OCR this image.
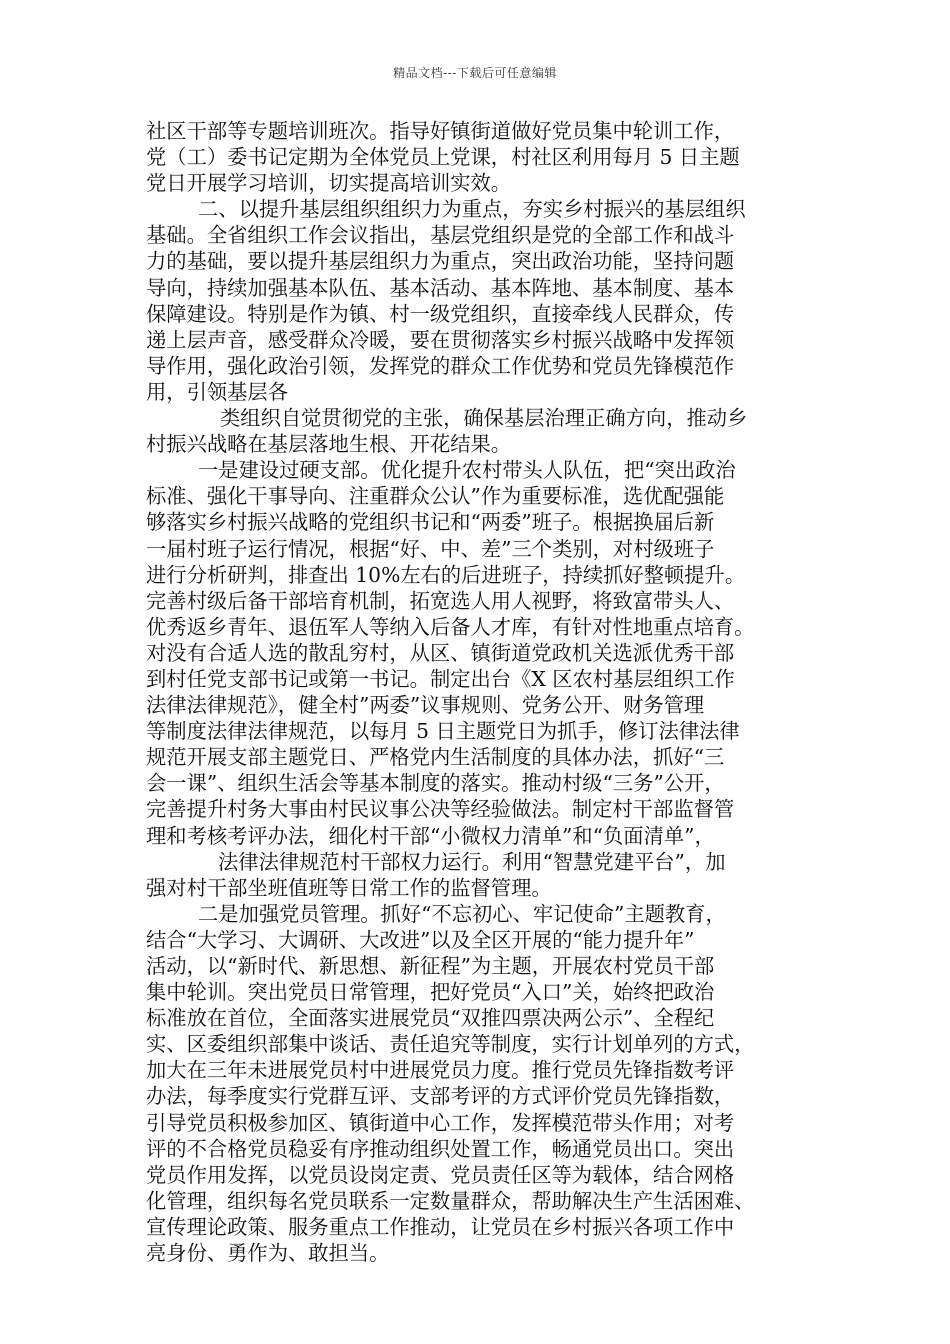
精品文档---下载后可任意编辑
社区干部等专题培训班次。指导好镇街道做好党员集中轮训工作，
党（工）委书记定期为全体党员上党课，村社区利用每月 5 日主题
党日开展学习培训，切实提高培训实效。
二、以提升基层组织组织力为重点，夯实乡村振兴的基层组织
基础。全省组织工作会议指出，基层党组织是党的全部工作和战斗
力的基础，要以提升基层组织力为重点，突出政治功能，坚持问题
导向，持续加强基本队伍、基本活动、基本阵地、基本制度、基本
保障建设。特别是作为镇、村一级党组织，直接牵线人民群众，传
递上层声音，感受群众冷暖，要在贯彻落实乡村振兴战略中发挥领
导作用，强化政治引领，发挥党的群众工作优势和党员先锋模范作
用，引领基层各
类组织自觉贯彻党的主张，确保基层治理正确方向，推动乡
村振兴战略在基层落地生根、开花结果。
一是建设过硬支部。优化提升农村带头人队伍，把“突出政治
标准、强化干事导向、注重群众公认”作为重要标准，选优配强能
够落实乡村振兴战略的党组织书记和“两委”班子。根据换届后新
一届村班子运行情况，根据“好、中、差”三个类别，对村级班子
进行分析研判，排查出 10%左右的后进班子，持续抓好整顿提升。
完善村级后备干部培育机制，拓宽选人用人视野，将致富带头人、
优秀返乡青年、退伍军人等纳入后备人才库，有针对性地重点培育。
对没有合适人选的散乱穷村，从区、镇街道党政机关选派优秀干部
到村任党支部书记或第一书记。制定出台《X 区农村基层组织工作
法律法律规范》，健全村”两委”议事规则、党务公开、财务管理
等制度法律法律规范，以每月 5 日主题党日为抓手，修订法律法律
规范开展支部主题党日、严格党内生活制度的具体办法，抓好“三
会一课”、组织生活会等基本制度的落实。推动村级“三务”公开，
完善提升村务大事由村民议事公决等经验做法。制定村干部监督管
理和考核考评办法，细化村干部“小微权力清单”和“负面清单”，
法律法律规范村干部权力运行。利用“智慧党建平台”，加
强对村干部坐班值班等日常工作的监督管理。
二是加强党员管理。抓好“不忘初心、牢记使命”主题教育，
结合“大学习、大调研、大改进”以及全区开展的“能力提升年”
活动，以“新时代、新思想、新征程”为主题，开展农村党员干部
集中轮训。突出党员日常管理，把好党员“入口”关，始终把政治
标准放在首位，全面落实进展党员“双推四票决两公示”、全程纪
实、区委组织部集中谈话、责任追究等制度，实行计划单列的方式，
加大在三年未进展党员村中进展党员力度。推行党员先锋指数考评
办法，每季度实行党群互评、支部考评的方式评价党员先锋指数，
引导党员积极参加区、镇街道中心工作，发挥模范带头作用；对考
评的不合格党员稳妥有序推动组织处置工作，畅通党员出口。突出
党员作用发挥，以党员设岗定责、党员责任区等为载体，结合网格
化管理，组织每名党员联系一定数量群众，帮助解决生产生活困难、
宣传理论政策、服务重点工作推动，让党员在乡村振兴各项工作中
亮身份、勇作为、敢担当。
